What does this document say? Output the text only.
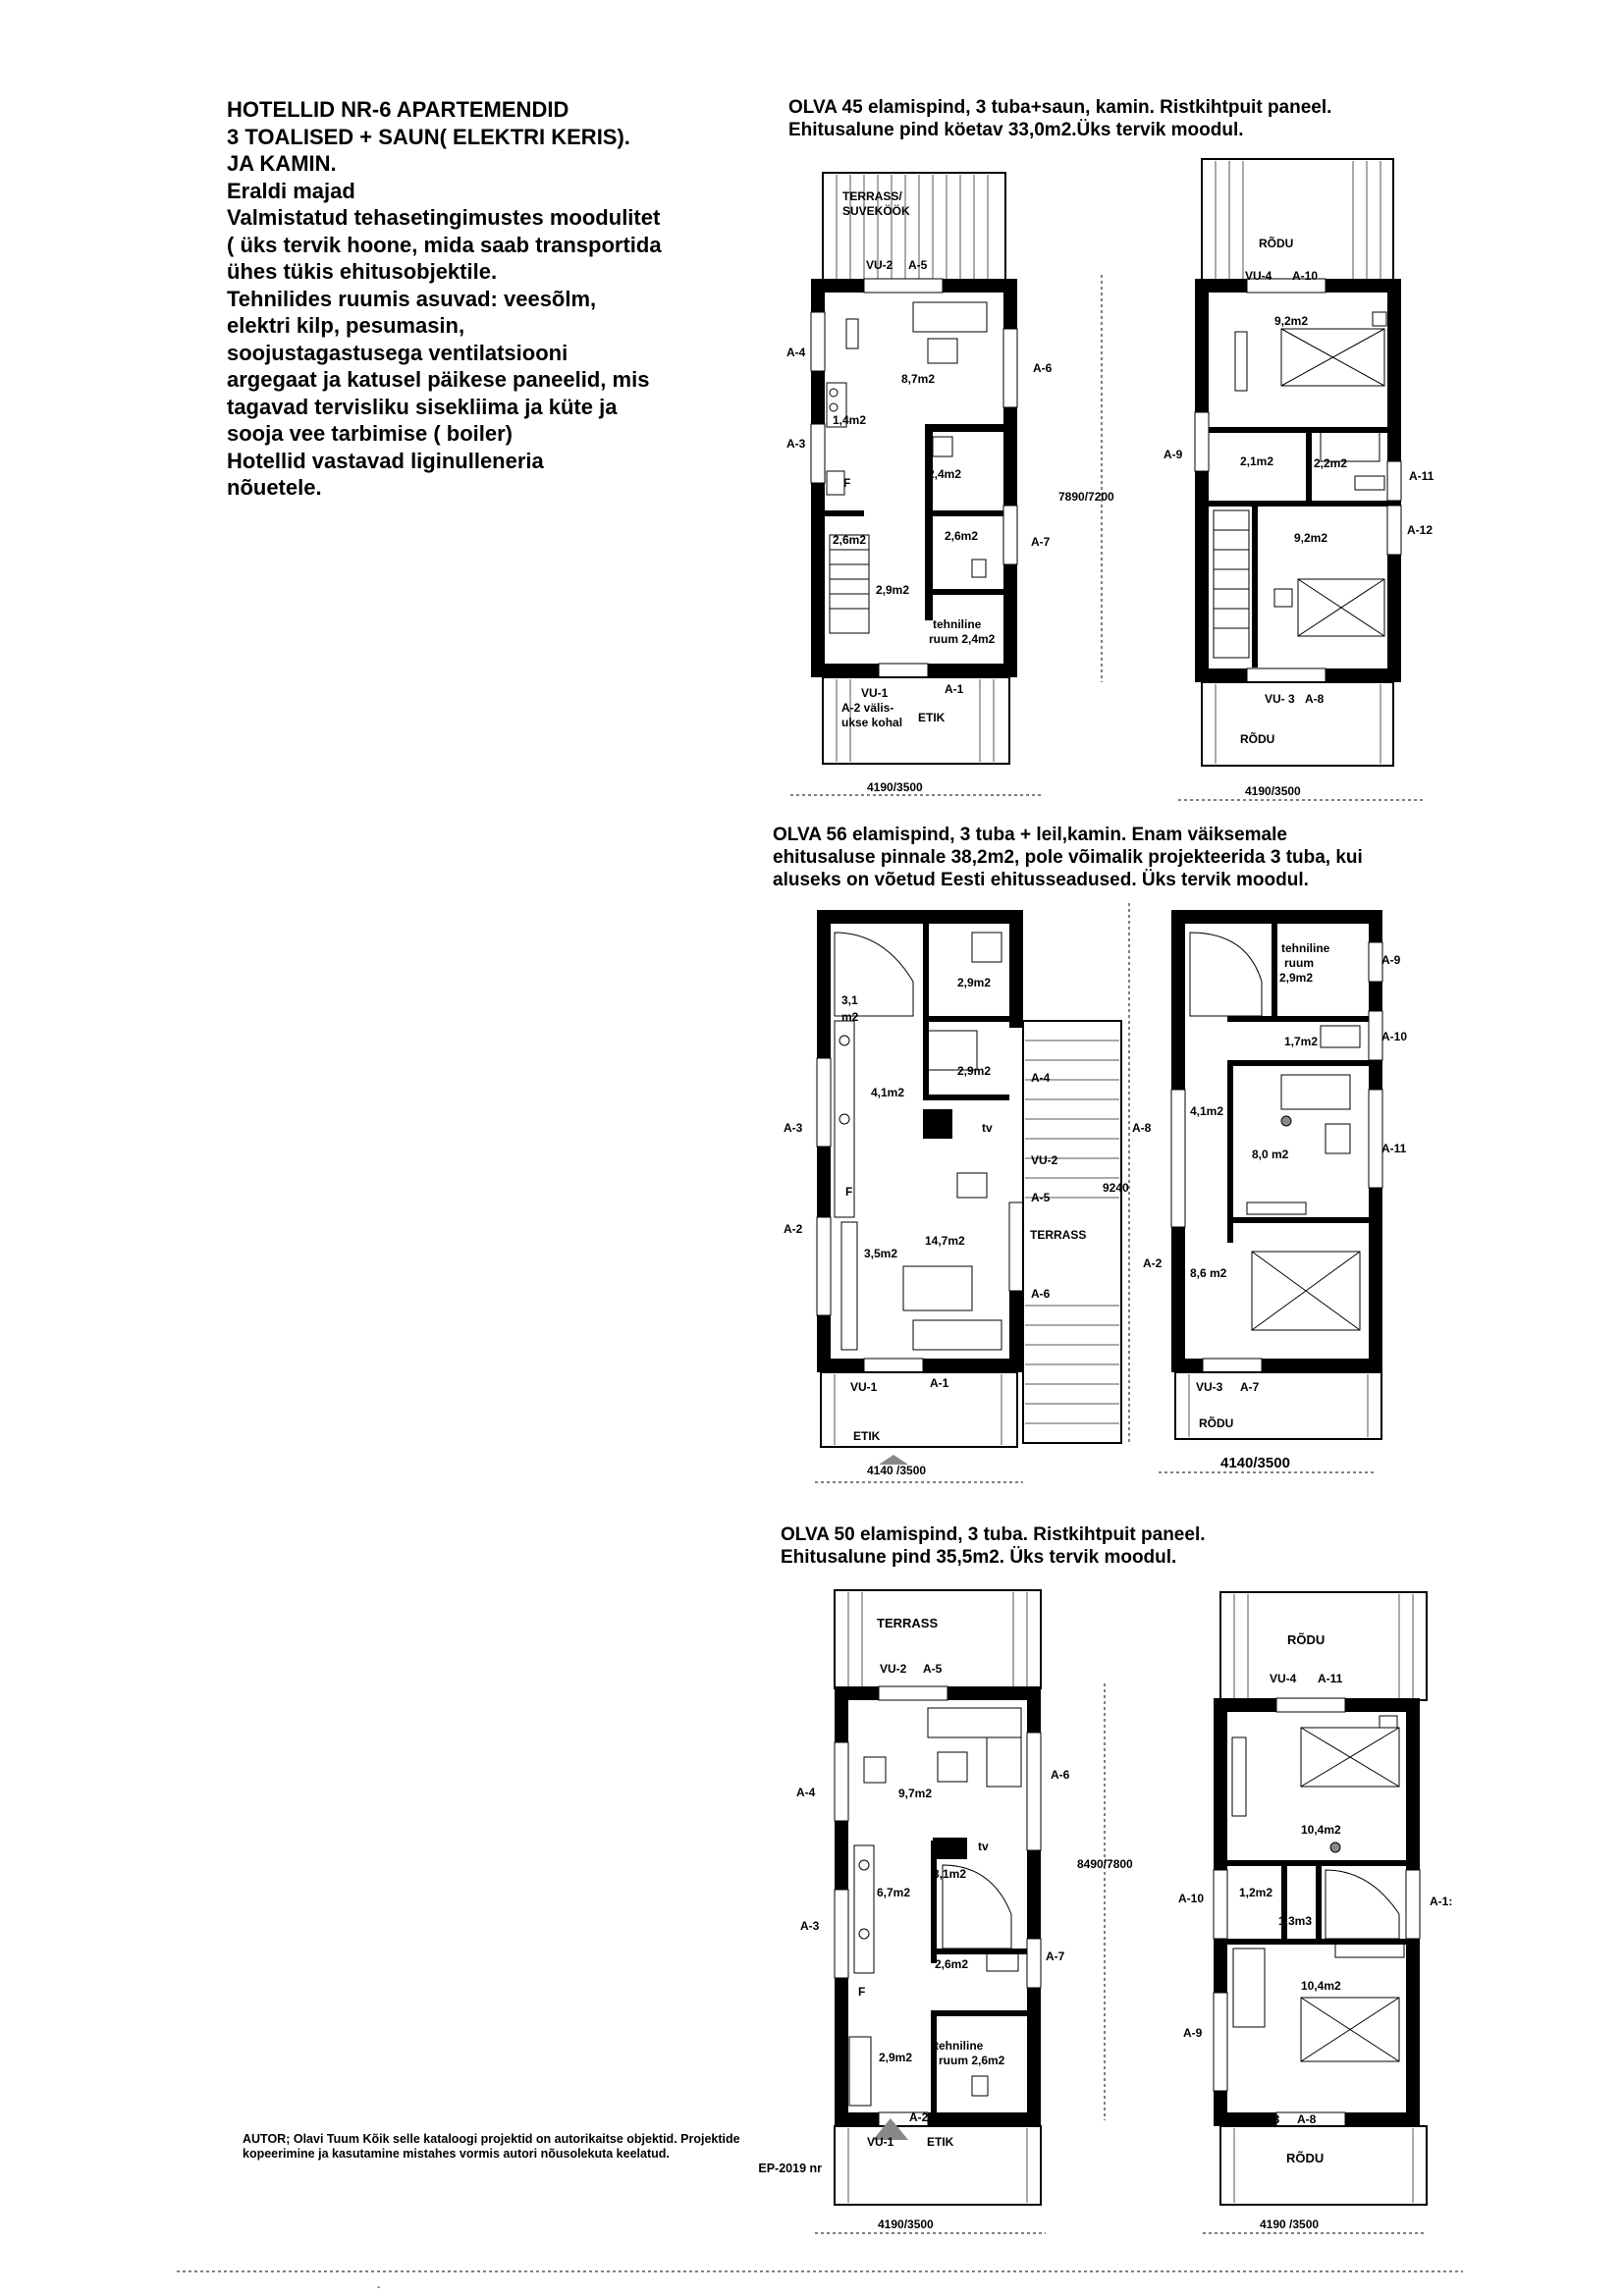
HOTELLID NR-6 APARTEMENDID
3 TOALISED + SAUN( ELEKTRI KERIS).
JA KAMIN.
Eraldi majad
Valmistatud tehasetingimustes moodulitet
( üks tervik hoone, mida saab transportida
ühes tükis ehitusobjektile.
Tehnilides ruumis asuvad: veesõlm,
elektri kilp, pesumasin,
soojustagastusega ventilatsiooni
argegaat ja katusel päikese paneelid, mis
tagavad tervisliku sisekliima ja küte ja
sooja vee tarbimise ( boiler)
Hotellid vastavad liginulleneria
nõuetele.
OLVA 45 elamispind, 3 tuba+saun, kamin. Ristkihtpuit paneel.
Ehitusalune pind köetav 33,0m2.Üks tervik moodul.
OLVA 56 elamispind, 3 tuba + leil,kamin. Enam väiksemale
ehitusaluse pinnale 38,2m2, pole võimalik projekteerida 3 tuba, kui
aluseks on võetud Eesti ehitusseadused. Üks tervik moodul.
OLVA 50 elamispind, 3 tuba. Ristkihtpuit paneel.
Ehitusalune pind 35,5m2. Üks tervik moodul.
TERRASS/
SUVEKÖÖK
VU-2 A-5
A-4
A-6
A-3
A-7
8,7m2
1,4m2
2,4m2
2,6m2	2,6m2
2,9m2
tehniline
ruum 2,4m2
F
VU-1
A-2 välis-
ukse kohal
A-1
ETIK
7890/7200
4190/3500
RÕDU
VU-4 A-10
9,2m2
A-9	2,1m2	2,2m2
A-11
A-12
9,2m2
VU- 3 A-8
RÕDU
4190/3500
2,9m2
3,1
m2
2,9m2	A-4
4,1m2
A-3	tv	A-8
VU-2
9240
F	A-5
A-2	TERRASS
14,7m2
3,5m2
A-6
VU-1	A-1
ETIK
4140 /3500
tehniline
ruum
2,9m2
A-9
1,7m2	A-10
4,1m2
A-11
8,0 m2
A-2
8,6 m2
VU-3 A-7
RÕDU
4140/3500
TERRASS
VU-2 A-5
A-6
A-4	9,7m2
tv
8490/7800
3,1m2
6,7m2
A-3
A-7
2,6m2
F
tehniline
2,9m2 ruum 2,6m2
A-2	A-1
VU-1	ETIK
4190/3500
RÕDU
VU-4 A-11
10,4m2
A-10	1,2m2
A-1:
1,3m3
10,4m2
A-9
VU-3 A-8
RÕDU
4190 /3500
AUTOR; Olavi Tuum Kõik selle kataloogi projektid on autorikaitse objektid. Projektide
kopeerimine ja kasutamine mistahes vormis autori nõusolekuta keelatud.
EP-2019 nr
-
